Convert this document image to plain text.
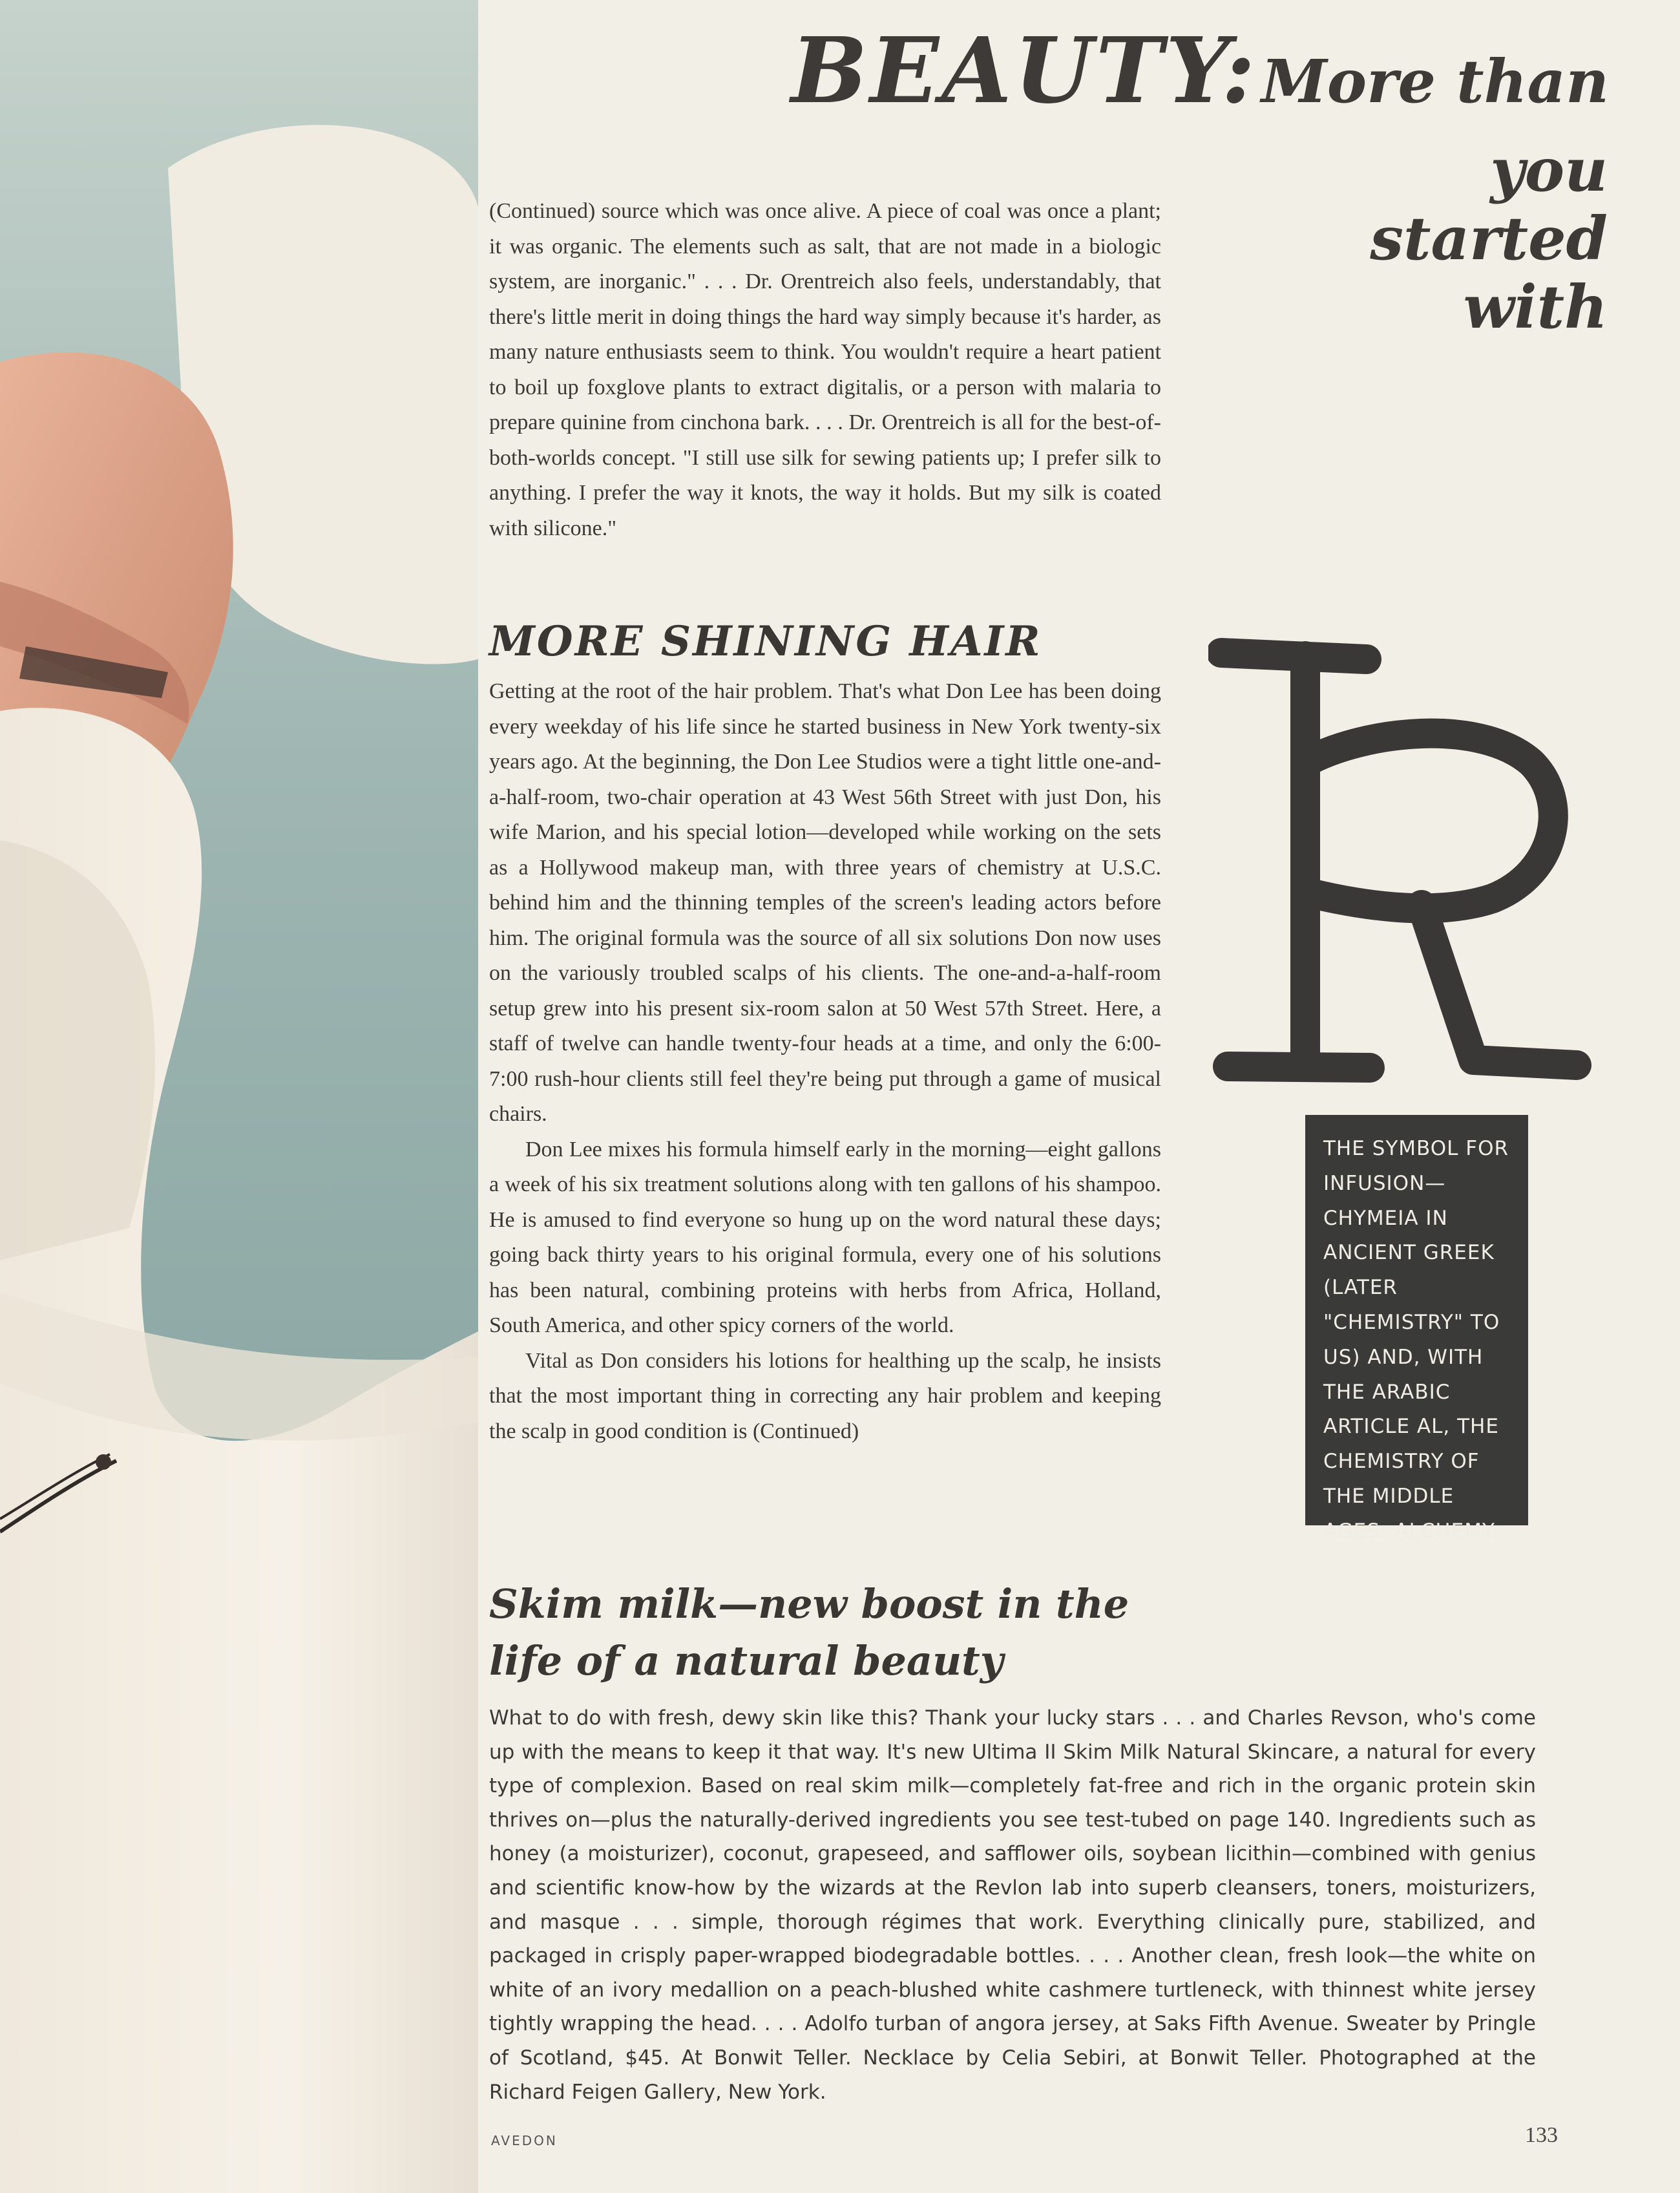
BEAUTY: More than
you
started
with

(Continued) source which was once alive. A piece of coal was once a plant; it was organic. The elements such as salt, that are not made in a biologic system, are inorganic." . . . Dr. Orentreich also feels, understandably, that there's little merit in doing things the hard way simply because it's harder, as many nature enthusiasts seem to think. You wouldn't require a heart patient to boil up foxglove plants to extract digitalis, or a person with malaria to prepare quinine from cinchona bark. . . . Dr. Orentreich is all for the best-of-both-worlds concept. "I still use silk for sewing patients up; I prefer silk to anything. I prefer the way it knots, the way it holds. But my silk is coated with silicone."

MORE SHINING HAIR

Getting at the root of the hair problem. That's what Don Lee has been doing every weekday of his life since he started business in New York twenty-six years ago. At the beginning, the Don Lee Studios were a tight little one-and-a-half-room, two-chair operation at 43 West 56th Street with just Don, his wife Marion, and his special lotion—developed while working on the sets as a Hollywood makeup man, with three years of chemistry at U.S.C. behind him and the thinning temples of the screen's leading actors before him. The original formula was the source of all six solutions Don now uses on the variously troubled scalps of his clients. The one-and-a-half-room setup grew into his present six-room salon at 50 West 57th Street. Here, a staff of twelve can handle twenty-four heads at a time, and only the 6:00-7:00 rush-hour clients still feel they're being put through a game of musical chairs.

Don Lee mixes his formula himself early in the morning—eight gallons a week of his six treatment solutions along with ten gallons of his shampoo. He is amused to find everyone so hung up on the word natural these days; going back thirty years to his original formula, every one of his solutions has been natural, combining proteins with herbs from Africa, Holland, South America, and other spicy corners of the world.

Vital as Don considers his lotions for healthing up the scalp, he insists that the most important thing in correcting any hair problem and keeping the scalp in good condition is (Continued)

THE SYMBOL FOR INFUSION—CHYMEIA IN ANCIENT GREEK (LATER "CHEMISTRY" TO US) AND, WITH THE ARABIC ARTICLE AL, THE CHEMISTRY OF THE MIDDLE AGES: ALCHEMY.
Skim milk—new boost in the
life of a natural beauty

What to do with fresh, dewy skin like this? Thank your lucky stars . . . and Charles Revson, who's come up with the means to keep it that way. It's new Ultima II Skim Milk Natural Skincare, a natural for every type of complexion. Based on real skim milk—completely fat-free and rich in the organic protein skin thrives on—plus the naturally-derived ingredients you see test-tubed on page 140. Ingredients such as honey (a moisturizer), coconut, grapeseed, and safflower oils, soybean licithin—combined with genius and scientific know-how by the wizards at the Revlon lab into superb cleansers, toners, moisturizers, and masque . . . simple, thorough régimes that work. Everything clinically pure, stabilized, and packaged in crisply paper-wrapped biodegradable bottles. . . . Another clean, fresh look—the white on white of an ivory medallion on a peach-blushed white cashmere turtleneck, with thinnest white jersey tightly wrapping the head. . . . Adolfo turban of angora jersey, at Saks Fifth Avenue. Sweater by Pringle of Scotland, $45. At Bonwit Teller. Necklace by Celia Sebiri, at Bonwit Teller. Photographed at the Richard Feigen Gallery, New York.

AVEDON	133
